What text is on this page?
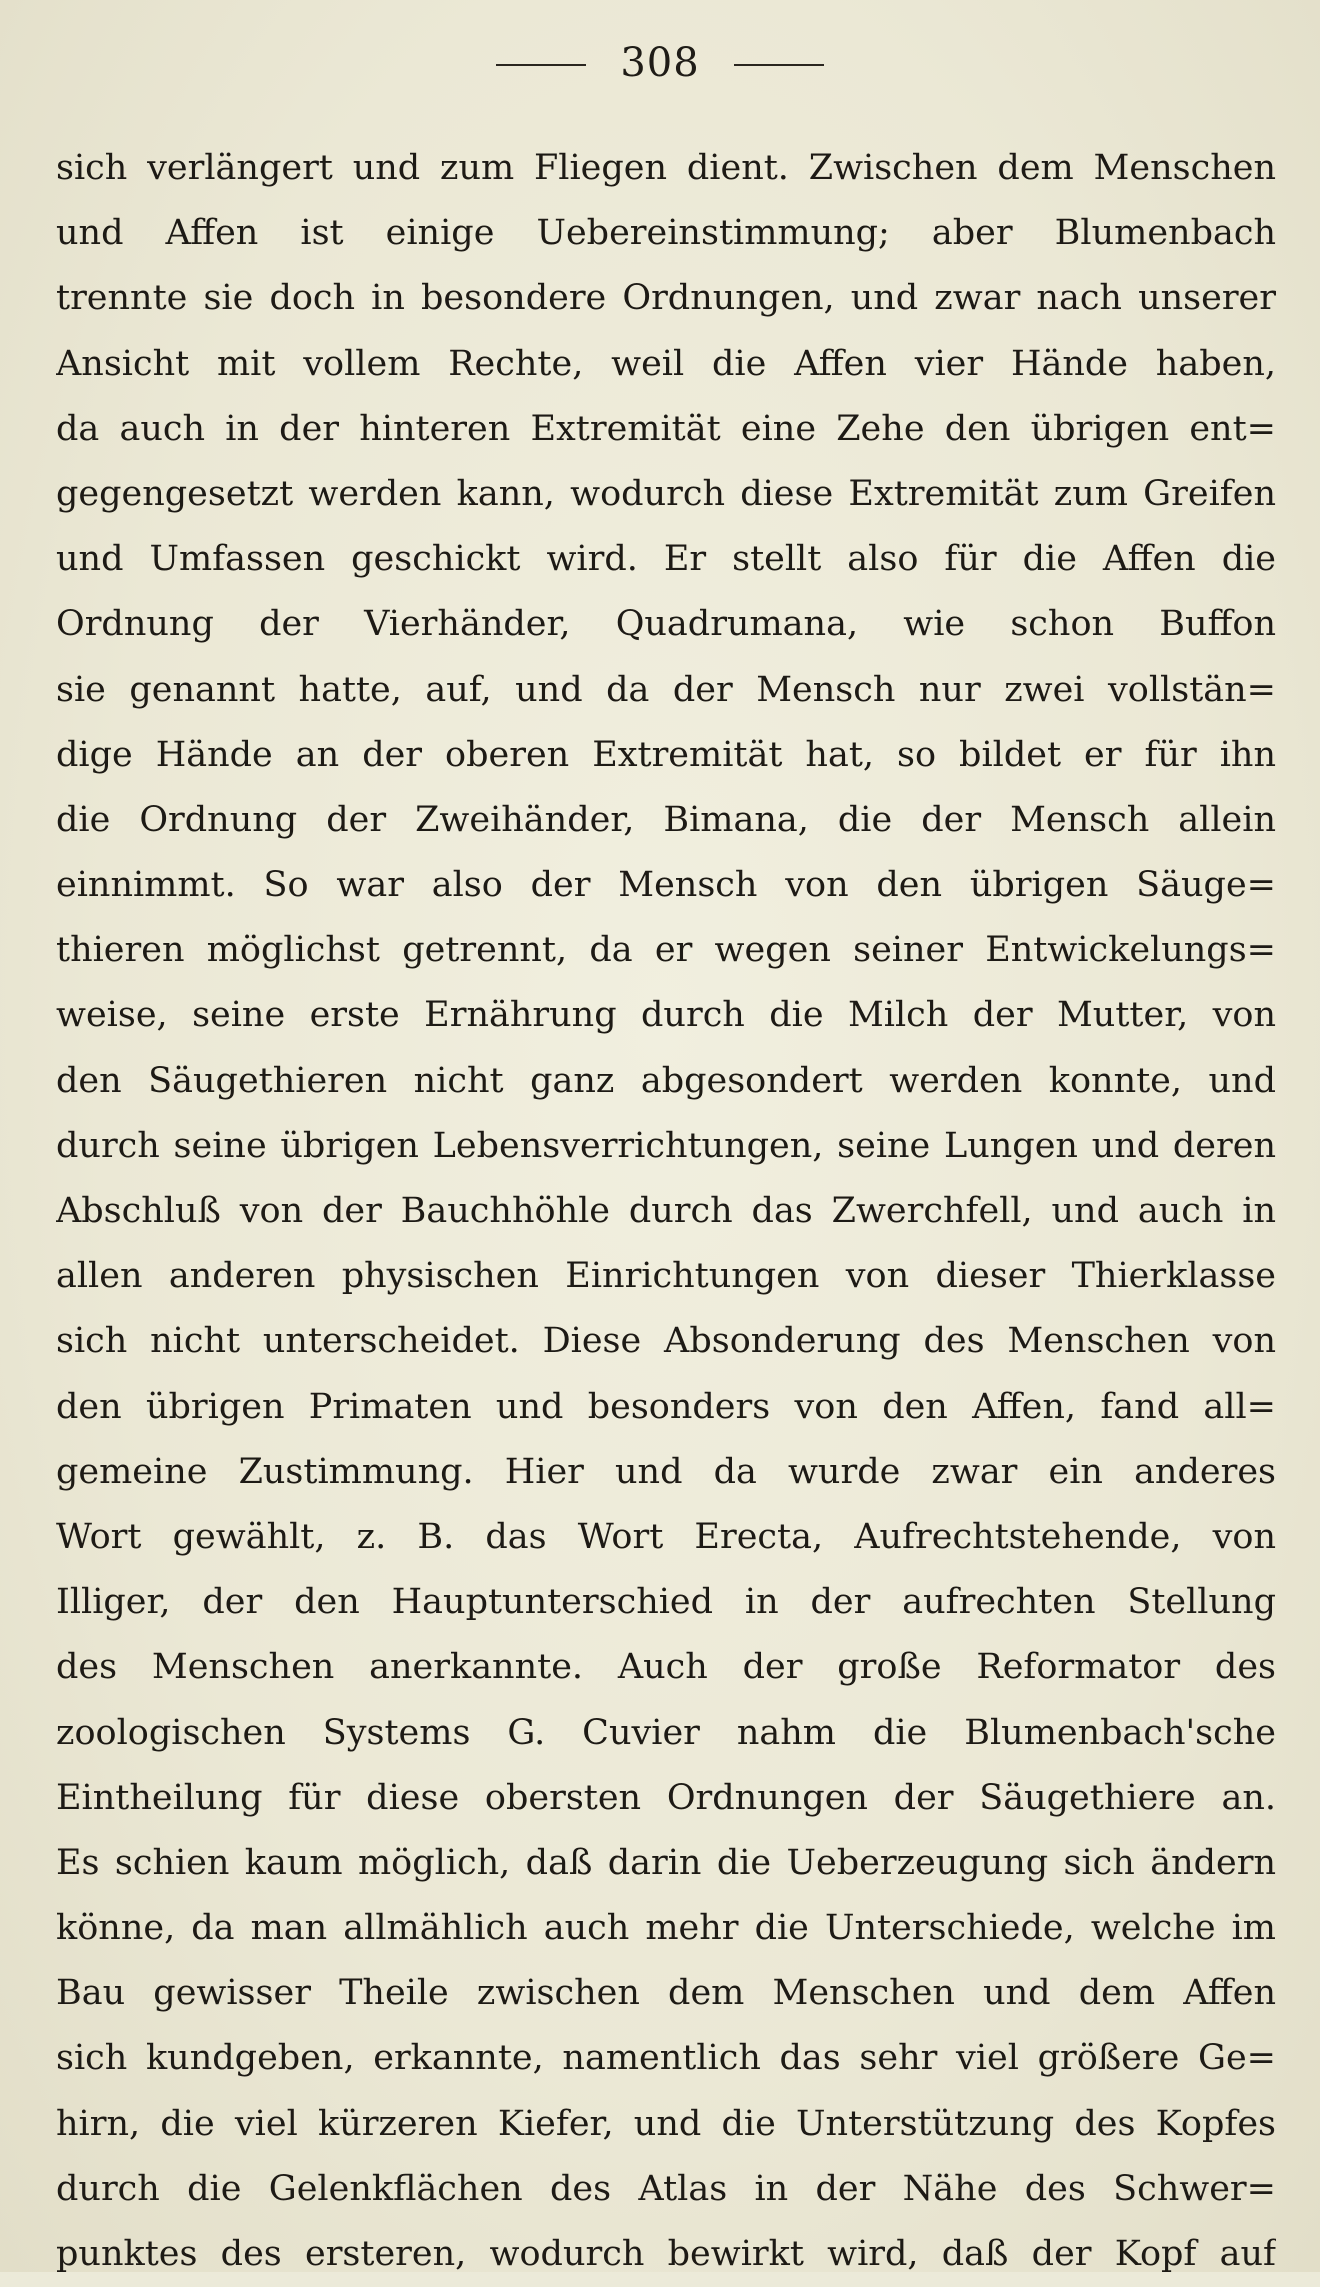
308
sich verlängert und zum Fliegen dient. Zwischen dem Menschen
und Affen ist einige Uebereinstimmung; aber Blumenbach
trennte sie doch in besondere Ordnungen, und zwar nach unserer
Ansicht mit vollem Rechte, weil die Affen vier Hände haben,
da auch in der hinteren Extremität eine Zehe den übrigen ent=
gegengesetzt werden kann, wodurch diese Extremität zum Greifen
und Umfassen geschickt wird. Er stellt also für die Affen die
Ordnung der Vierhänder, Quadrumana, wie schon Buffon
sie genannt hatte, auf, und da der Mensch nur zwei vollstän=
dige Hände an der oberen Extremität hat, so bildet er für ihn
die Ordnung der Zweihänder, Bimana, die der Mensch allein
einnimmt. So war also der Mensch von den übrigen Säuge=
thieren möglichst getrennt, da er wegen seiner Entwickelungs=
weise, seine erste Ernährung durch die Milch der Mutter, von
den Säugethieren nicht ganz abgesondert werden konnte, und
durch seine übrigen Lebensverrichtungen, seine Lungen und deren
Abschluß von der Bauchhöhle durch das Zwerchfell, und auch in
allen anderen physischen Einrichtungen von dieser Thierklasse
sich nicht unterscheidet. Diese Absonderung des Menschen von
den übrigen Primaten und besonders von den Affen, fand all=
gemeine Zustimmung. Hier und da wurde zwar ein anderes
Wort gewählt, z. B. das Wort Erecta, Aufrechtstehende, von
Illiger, der den Hauptunterschied in der aufrechten Stellung
des Menschen anerkannte. Auch der große Reformator des
zoologischen Systems G. Cuvier nahm die Blumenbach'sche
Eintheilung für diese obersten Ordnungen der Säugethiere an.
Es schien kaum möglich, daß darin die Ueberzeugung sich ändern
könne, da man allmählich auch mehr die Unterschiede, welche im
Bau gewisser Theile zwischen dem Menschen und dem Affen
sich kundgeben, erkannte, namentlich das sehr viel größere Ge=
hirn, die viel kürzeren Kiefer, und die Unterstützung des Kopfes
durch die Gelenkflächen des Atlas in der Nähe des Schwer=
punktes des ersteren, wodurch bewirkt wird, daß der Kopf auf
